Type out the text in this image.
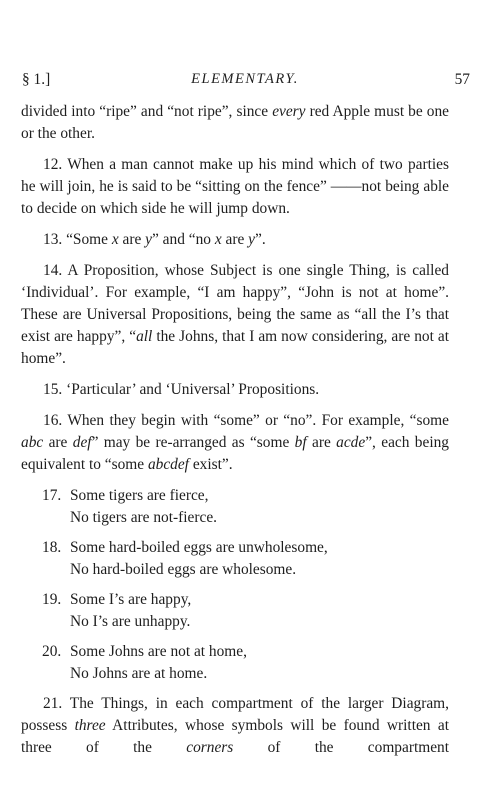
§ 1.]	ELEMENTARY.	57

divided into “ripe” and “not ripe”, since every red Apple must be one or the other.

12. When a man cannot make up his mind which of two parties he will join, he is said to be “sitting on the fence” ——not being able to decide on which side he will jump down.

13. “Some x are y” and “no x are y”.

14. A Proposition, whose Subject is one single Thing, is called ‘Individual’. For example, “I am happy”, “John is not at home”. These are Universal Propositions, being the same as “all the I’s that exist are happy”, “all the Johns, that I am now considering, are not at home”.

15. ‘Particular’ and ‘Universal’ Propositions.

16. When they begin with “some” or “no”. For example, “some abc are def” may be re-arranged as “some bf are acde”, each being equivalent to “some abcdef exist”.

17. Some tigers are fierce,
No tigers are not-fierce.
18. Some hard-boiled eggs are unwholesome,
No hard-boiled eggs are wholesome.
19. Some I’s are happy,
No I’s are unhappy.
20. Some Johns are not at home,
No Johns are at home.

21. The Things, in each compartment of the larger Diagram, possess three Attributes, whose symbols will be found written at three of the corners of the compartment
